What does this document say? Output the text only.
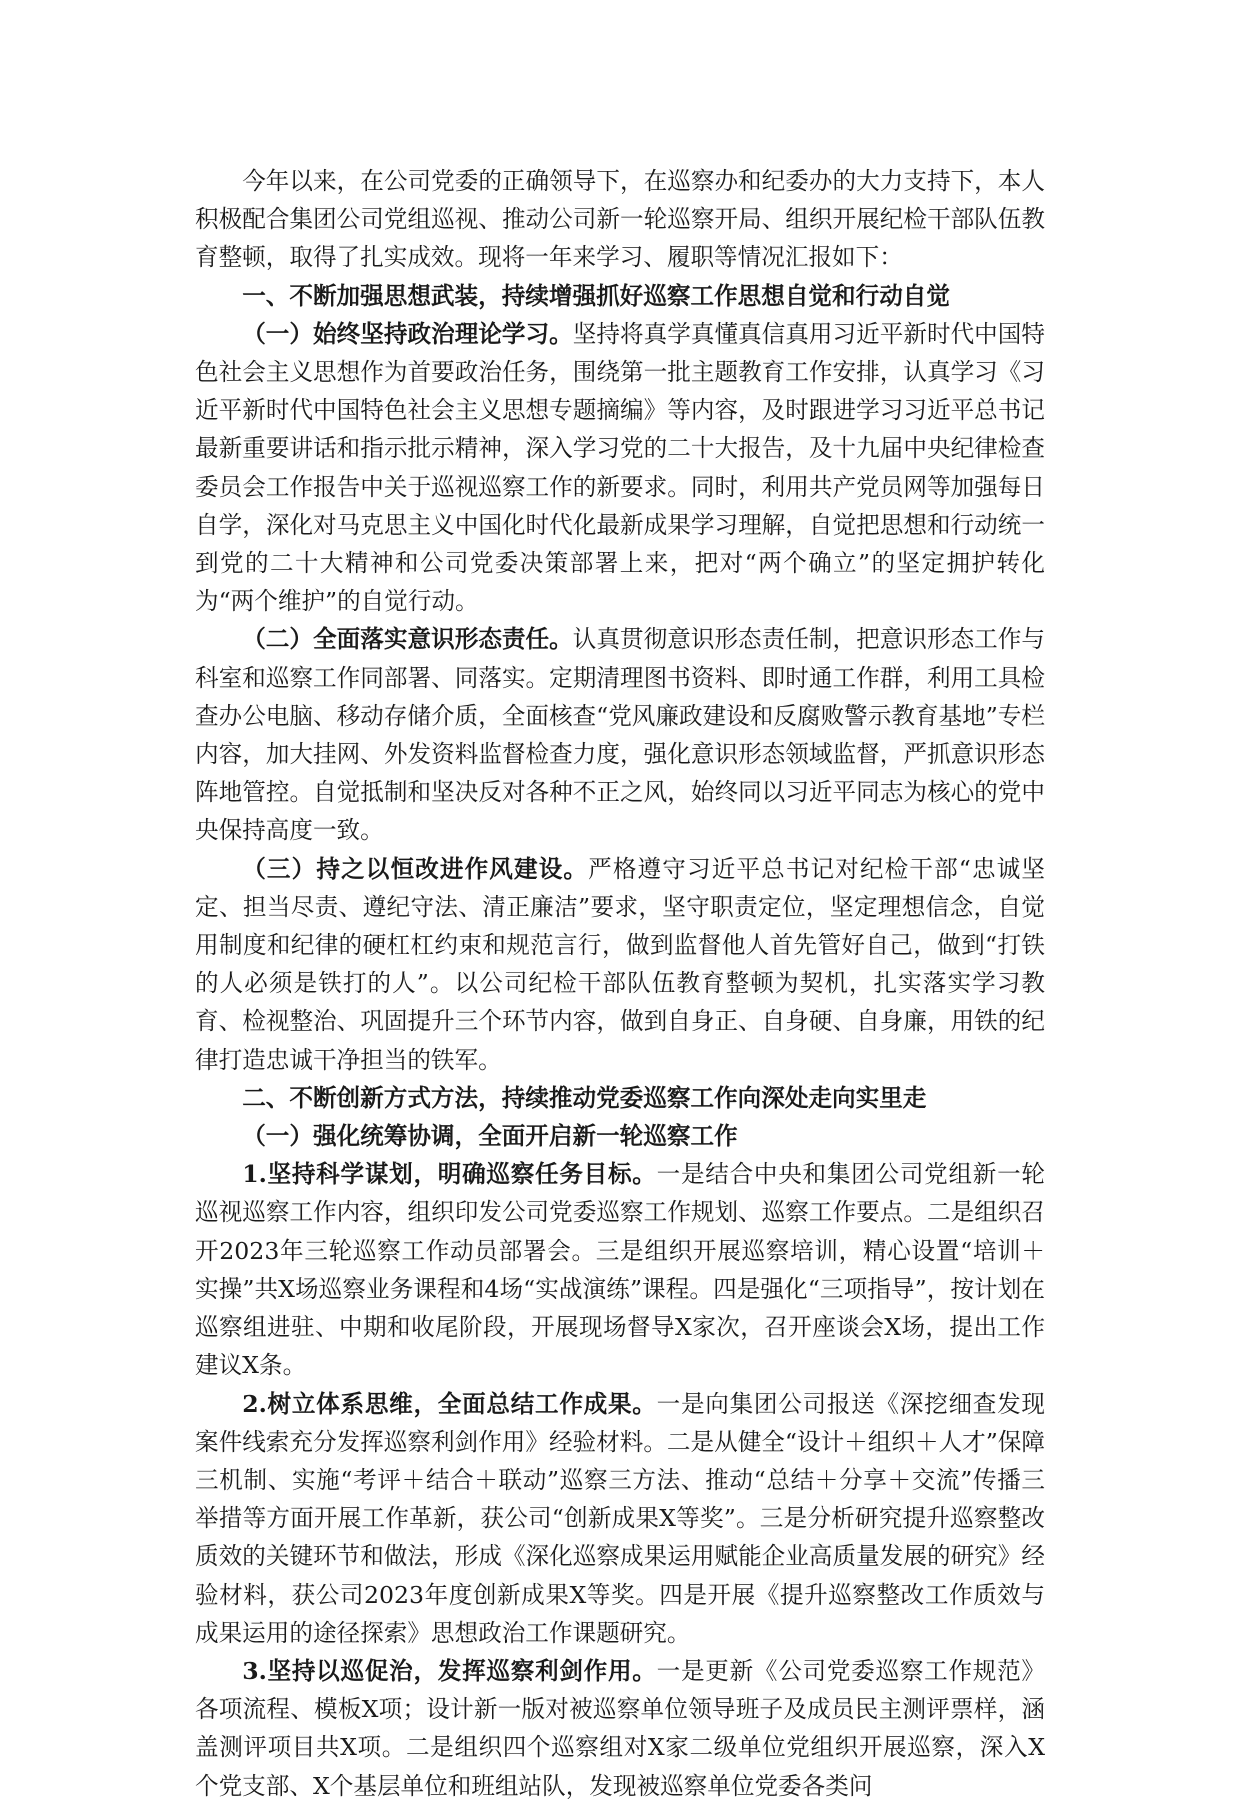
今年以来，在公司党委的正确领导下，在巡察办和纪委办的大力支持下，本人积极配合集团公司党组巡视、推动公司新一轮巡察开局、组织开展纪检干部队伍教育整顿，取得了扎实成效。现将一年来学习、履职等情况汇报如下：

一、不断加强思想武装，持续增强抓好巡察工作思想自觉和行动自觉

（一）始终坚持政治理论学习。坚持将真学真懂真信真用习近平新时代中国特色社会主义思想作为首要政治任务，围绕第一批主题教育工作安排，认真学习《习近平新时代中国特色社会主义思想专题摘编》等内容，及时跟进学习习近平总书记最新重要讲话和指示批示精神，深入学习党的二十大报告，及十九届中央纪律检查委员会工作报告中关于巡视巡察工作的新要求。同时，利用共产党员网等加强每日自学，深化对马克思主义中国化时代化最新成果学习理解，自觉把思想和行动统一到党的二十大精神和公司党委决策部署上来，把对“两个确立”的坚定拥护转化为“两个维护”的自觉行动。

（二）全面落实意识形态责任。认真贯彻意识形态责任制，把意识形态工作与科室和巡察工作同部署、同落实。定期清理图书资料、即时通工作群，利用工具检查办公电脑、移动存储介质，全面核查“党风廉政建设和反腐败警示教育基地”专栏内容，加大挂网、外发资料监督检查力度，强化意识形态领域监督，严抓意识形态阵地管控。自觉抵制和坚决反对各种不正之风，始终同以习近平同志为核心的党中央保持高度一致。

（三）持之以恒改进作风建设。严格遵守习近平总书记对纪检干部“忠诚坚定、担当尽责、遵纪守法、清正廉洁”要求，坚守职责定位，坚定理想信念，自觉用制度和纪律的硬杠杠约束和规范言行，做到监督他人首先管好自己，做到“打铁的人必须是铁打的人”。以公司纪检干部队伍教育整顿为契机，扎实落实学习教育、检视整治、巩固提升三个环节内容，做到自身正、自身硬、自身廉，用铁的纪律打造忠诚干净担当的铁军。

二、不断创新方式方法，持续推动党委巡察工作向深处走向实里走

（一）强化统筹协调，全面开启新一轮巡察工作

1.坚持科学谋划，明确巡察任务目标。一是结合中央和集团公司党组新一轮巡视巡察工作内容，组织印发公司党委巡察工作规划、巡察工作要点。二是组织召开2023年三轮巡察工作动员部署会。三是组织开展巡察培训，精心设置“培训＋实操”共X场巡察业务课程和4场“实战演练”课程。四是强化“三项指导”，按计划在巡察组进驻、中期和收尾阶段，开展现场督导X家次，召开座谈会X场，提出工作建议X条。

2.树立体系思维，全面总结工作成果。一是向集团公司报送《深挖细查发现案件线索充分发挥巡察利剑作用》经验材料。二是从健全“设计＋组织＋人才”保障三机制、实施“考评＋结合＋联动”巡察三方法、推动“总结＋分享＋交流”传播三举措等方面开展工作革新，获公司“创新成果X等奖”。三是分析研究提升巡察整改质效的关键环节和做法，形成《深化巡察成果运用赋能企业高质量发展的研究》经验材料，获公司2023年度创新成果X等奖。四是开展《提升巡察整改工作质效与成果运用的途径探索》思想政治工作课题研究。

3.坚持以巡促治，发挥巡察利剑作用。一是更新《公司党委巡察工作规范》各项流程、模板X项；设计新一版对被巡察单位领导班子及成员民主测评票样，涵盖测评项目共X项。二是组织四个巡察组对X家二级单位党组织开展巡察，深入X个党支部、X个基层单位和班组站队，发现被巡察单位党委各类问
